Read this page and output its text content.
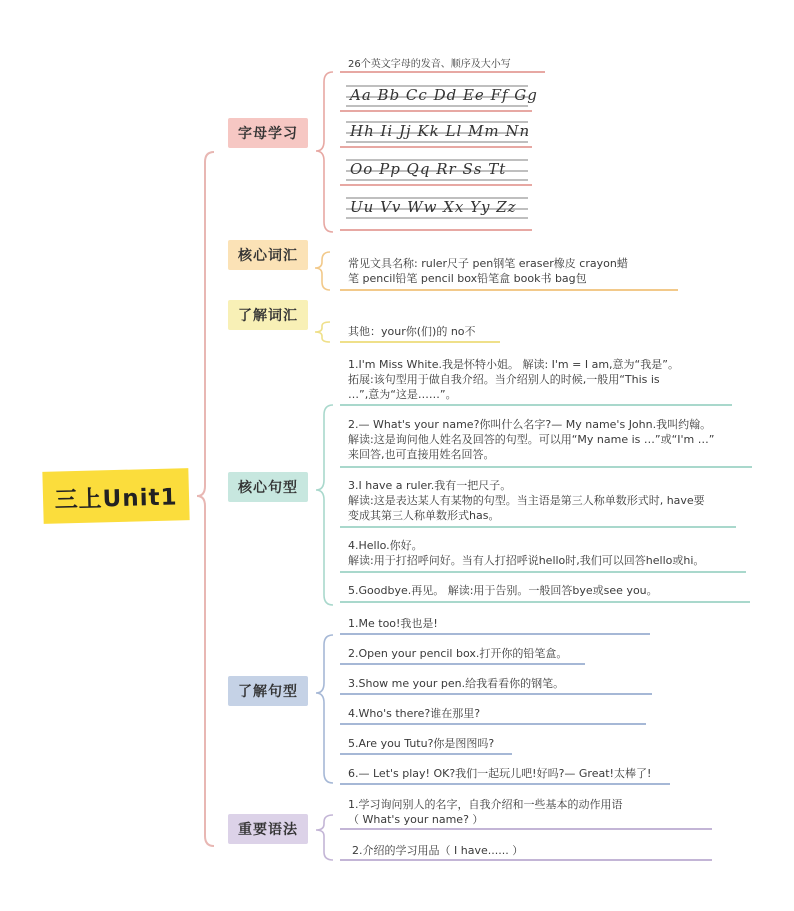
三上Unit1
字母学习
核心词汇
了解词汇
核心句型
了解句型
重要语法
26个英文字母的发音、顺序及大小写
Aa Bb Cc Dd Ee Ff Gg
Hh Ii Jj Kk Ll Mm Nn
Oo Pp Qq Rr Ss Tt
Uu Vv Ww Xx Yy Zz
常见文具名称: ruler尺子 pen钢笔 eraser橡皮 crayon蜡
笔 pencil铅笔 pencil box铅笔盒 book书 bag包
其他：your你(们)的 no不
1.I'm Miss White.我是怀特小姐。 解读: I'm = I am,意为“我是”。
拓展:该句型用于做自我介绍。当介绍别人的时候,一般用“This is
…”,意为“这是……”。
2.— What's your name?你叫什么名字?— My name's John.我叫约翰。
解读:这是询问他人姓名及回答的句型。可以用“My name is …”或“I'm …”
来回答,也可直接用姓名回答。
3.I have a ruler.我有一把尺子。
解读:这是表达某人有某物的句型。当主语是第三人称单数形式时, have要
变成其第三人称单数形式has。
4.Hello.你好。
解读:用于打招呼问好。当有人打招呼说hello时,我们可以回答hello或hi。
5.Goodbye.再见。 解读:用于告别。一般回答bye或see you。
1.Me too!我也是!
2.Open your pencil box.打开你的铅笔盒。
3.Show me your pen.给我看看你的钢笔。
4.Who's there?谁在那里?
5.Are you Tutu?你是图图吗?
6.— Let's play! OK?我们一起玩儿吧!好吗?— Great!太棒了!
1.学习询问别人的名字，自我介绍和一些基本的动作用语
（ What's your name? ）
2.介绍的学习用品（ I have...... ）
